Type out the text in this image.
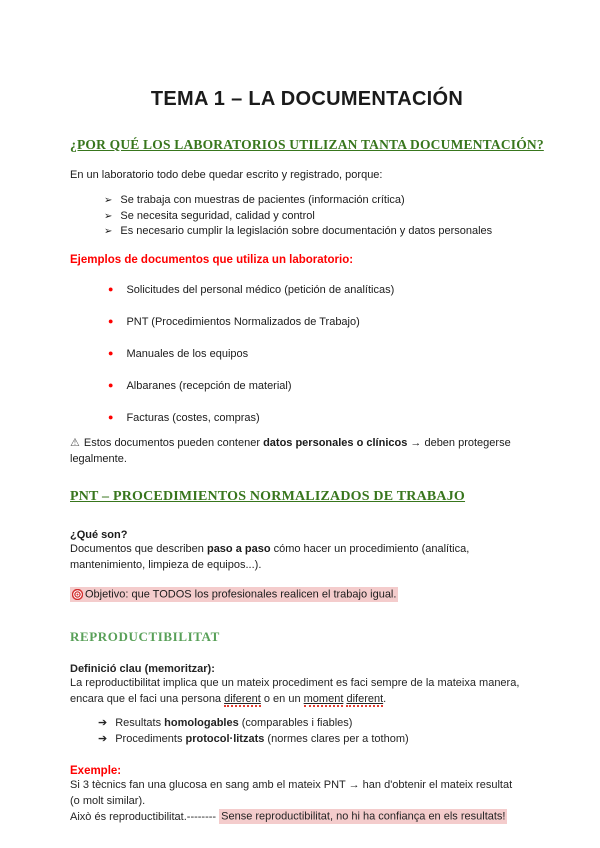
TEMA 1 – LA DOCUMENTACIÓN
¿POR QUÉ LOS LABORATORIOS UTILIZAN TANTA DOCUMENTACIÓN?

En un laboratorio todo debe quedar escrito y registrado, porque:

➢ Se trabaja con muestras de pacientes (información crítica)
➢ Se necesita seguridad, calidad y control
➢ Es necesario cumplir la legislación sobre documentación y datos personales
Ejemplos de documentos que utiliza un laboratorio:
● Solicitudes del personal médico (petición de analíticas)
● PNT (Procedimientos Normalizados de Trabajo)
● Manuales de los equipos
● Albaranes (recepción de material)
● Facturas (costes, compras)

⚠ Estos documentos pueden contener datos personales o clínicos → deben protegerse legalmente.

PNT – PROCEDIMIENTOS NORMALIZADOS DE TRABAJO

¿Qué son?

Documentos que describen paso a paso cómo hacer un procedimiento (analítica, mantenimiento, limpieza de equipos...).

Objetivo: que TODOS los profesionales realicen el trabajo igual.

REPRODUCTIBILITAT

Definició clau (memoritzar):

La reproductibilitat implica que un mateix procediment es faci sempre de la mateixa manera,
encara que el faci una persona diferent o en un moment diferent.

➔ Resultats homologables (comparables i fiables)
➔ Procediments protocol·litzats (normes clares per a tothom)

Exemple:

Si 3 tècnics fan una glucosa en sang amb el mateix PNT → han d'obtenir el mateix resultat
(o molt similar).
Això és reproductibilitat.-------- Sense reproductibilitat, no hi ha confiança en els resultats!
